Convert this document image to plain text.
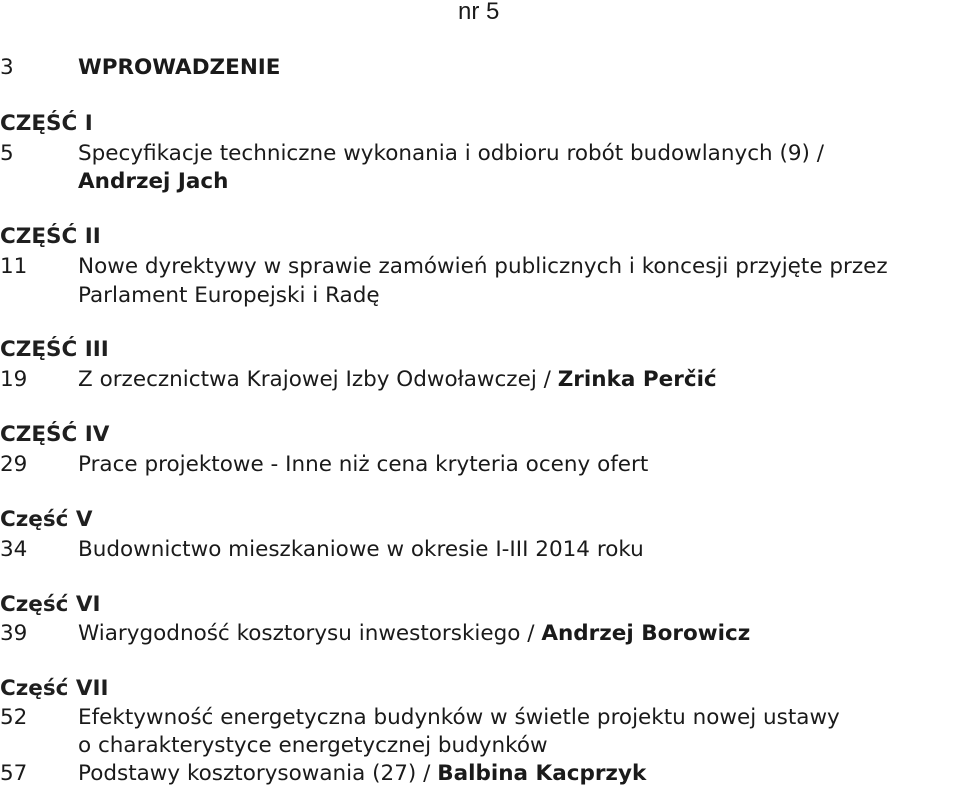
nr 5
3	WPROWADZENIE
CZĘŚĆ I
5	Specyfikacje techniczne wykonania i odbioru robót budowlanych (9) /
Andrzej Jach
CZĘŚĆ II
11 Nowe dyrektywy w sprawie zamówień publicznych i koncesji przyjęte przez
Parlament Europejski i Radę
CZĘŚĆ III
19 Z orzecznictwa Krajowej Izby Odwoławczej / Zrinka Perčić
CZĘŚĆ IV
29 Prace projektowe - Inne niż cena kryteria oceny ofert
Część V
34 Budownictwo mieszkaniowe w okresie I-III 2014 roku
Część VI
39 Wiarygodność kosztorysu inwestorskiego / Andrzej Borowicz
Część VII
52 Efektywność energetyczna budynków w świetle projektu nowej ustawy
o charakterystyce energetycznej budynków
57 Podstawy kosztorysowania (27) / Balbina Kacprzyk
